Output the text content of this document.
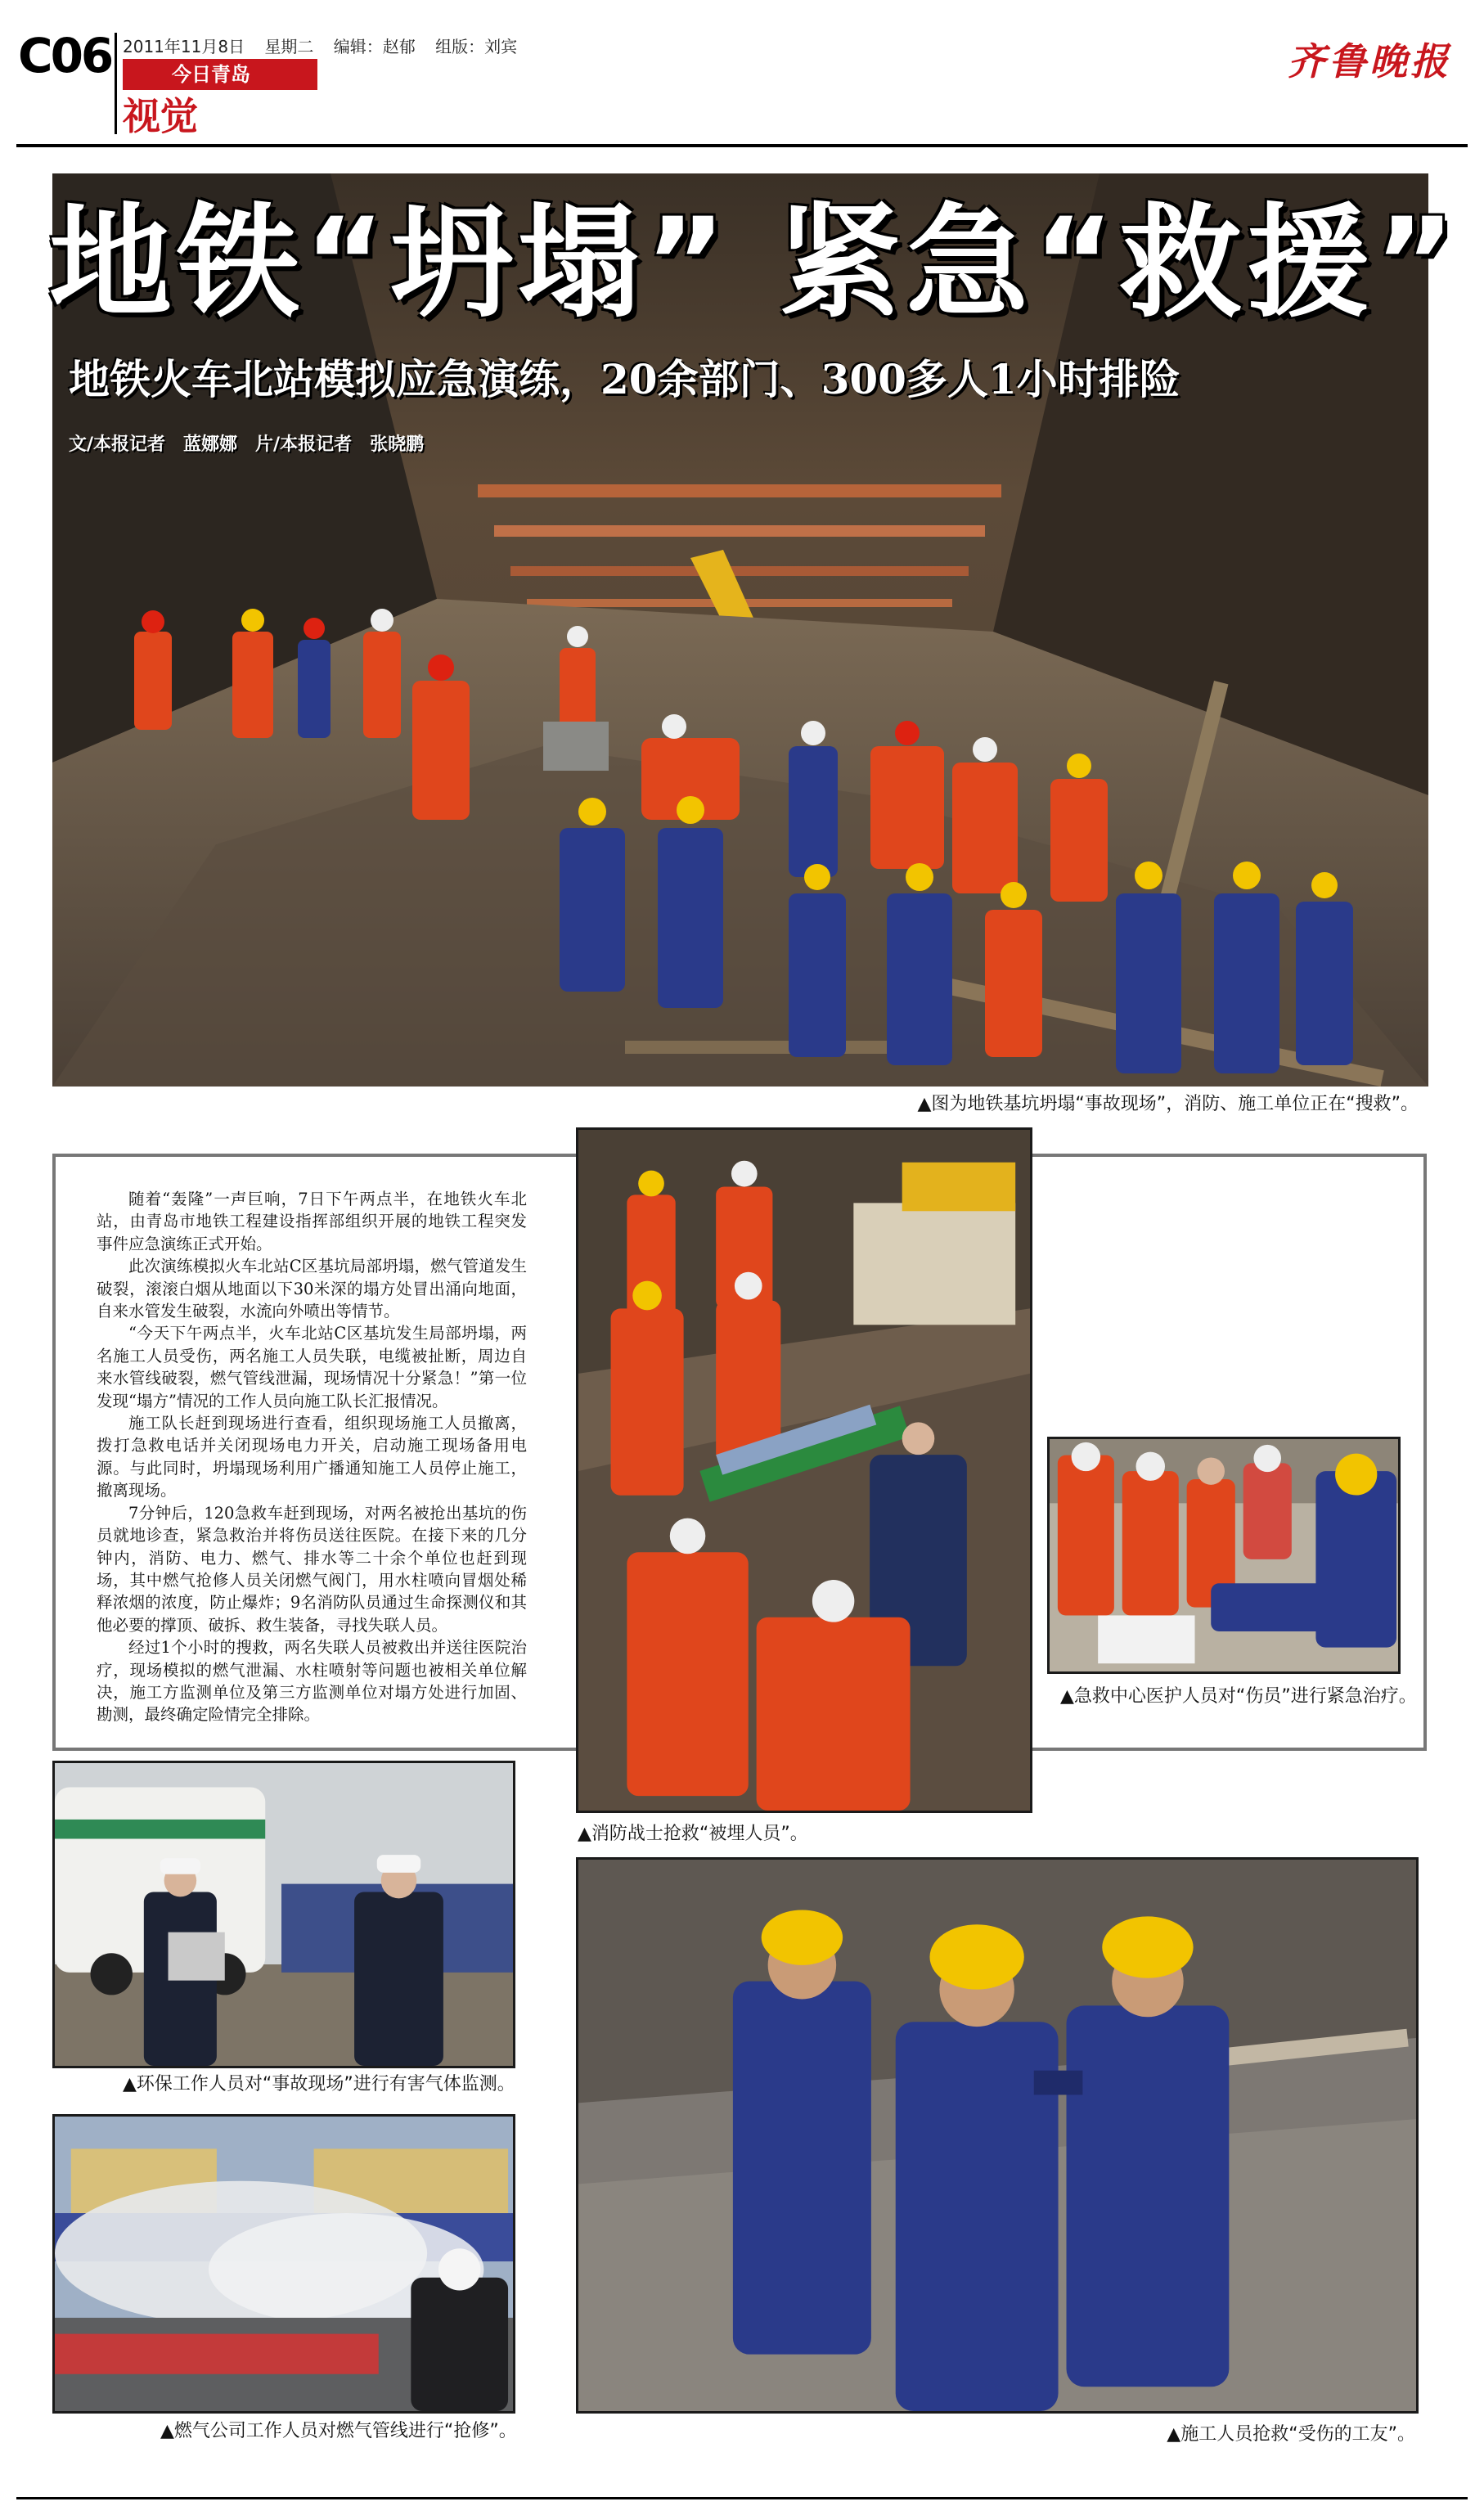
C06 2011年11月8日 星期二 编辑：赵郁 组版：刘宾
今日青岛
视觉
齐鲁晚报
地铁“坍塌” 紧急“救援”
地铁火车北站模拟应急演练，20余部门、300多人1小时排险
文/本报记者　蓝娜娜　片/本报记者　张晓鹏
▲图为地铁基坑坍塌“事故现场”，消防、施工单位正在“搜救”。

随着“轰隆”一声巨响，7日下午两点半，在地铁火车北站，由青岛市地铁工程建设指挥部组织开展的地铁工程突发事件应急演练正式开始。

此次演练模拟火车北站C区基坑局部坍塌，燃气管道发生破裂，滚滚白烟从地面以下30米深的塌方处冒出涌向地面，自来水管发生破裂，水流向外喷出等情节。

“今天下午两点半，火车北站C区基坑发生局部坍塌，两名施工人员受伤，两名施工人员失联，电缆被扯断，周边自来水管线破裂，燃气管线泄漏，现场情况十分紧急！”第一位发现“塌方”情况的工作人员向施工队长汇报情况。

施工队长赶到现场进行查看，组织现场施工人员撤离，拨打急救电话并关闭现场电力开关，启动施工现场备用电源。与此同时，坍塌现场利用广播通知施工人员停止施工，撤离现场。

7分钟后，120急救车赶到现场，对两名被抢出基坑的伤员就地诊查，紧急救治并将伤员送往医院。在接下来的几分钟内，消防、电力、燃气、排水等二十余个单位也赶到现场，其中燃气抢修人员关闭燃气阀门，用水柱喷向冒烟处稀释浓烟的浓度，防止爆炸；9名消防队员通过生命探测仪和其他必要的撑顶、破拆、救生装备，寻找失联人员。

经过1个小时的搜救，两名失联人员被救出并送往医院治疗，现场模拟的燃气泄漏、水柱喷射等问题也被相关单位解决，施工方监测单位及第三方监测单位对塌方处进行加固、勘测，最终确定险情完全排除。

▲消防战士抢救“被埋人员”。
▲急救中心医护人员对“伤员”进行紧急治疗。
▲环保工作人员对“事故现场”进行有害气体监测。
▲燃气公司工作人员对燃气管线进行“抢修”。	▲施工人员抢救“受伤的工友”。
